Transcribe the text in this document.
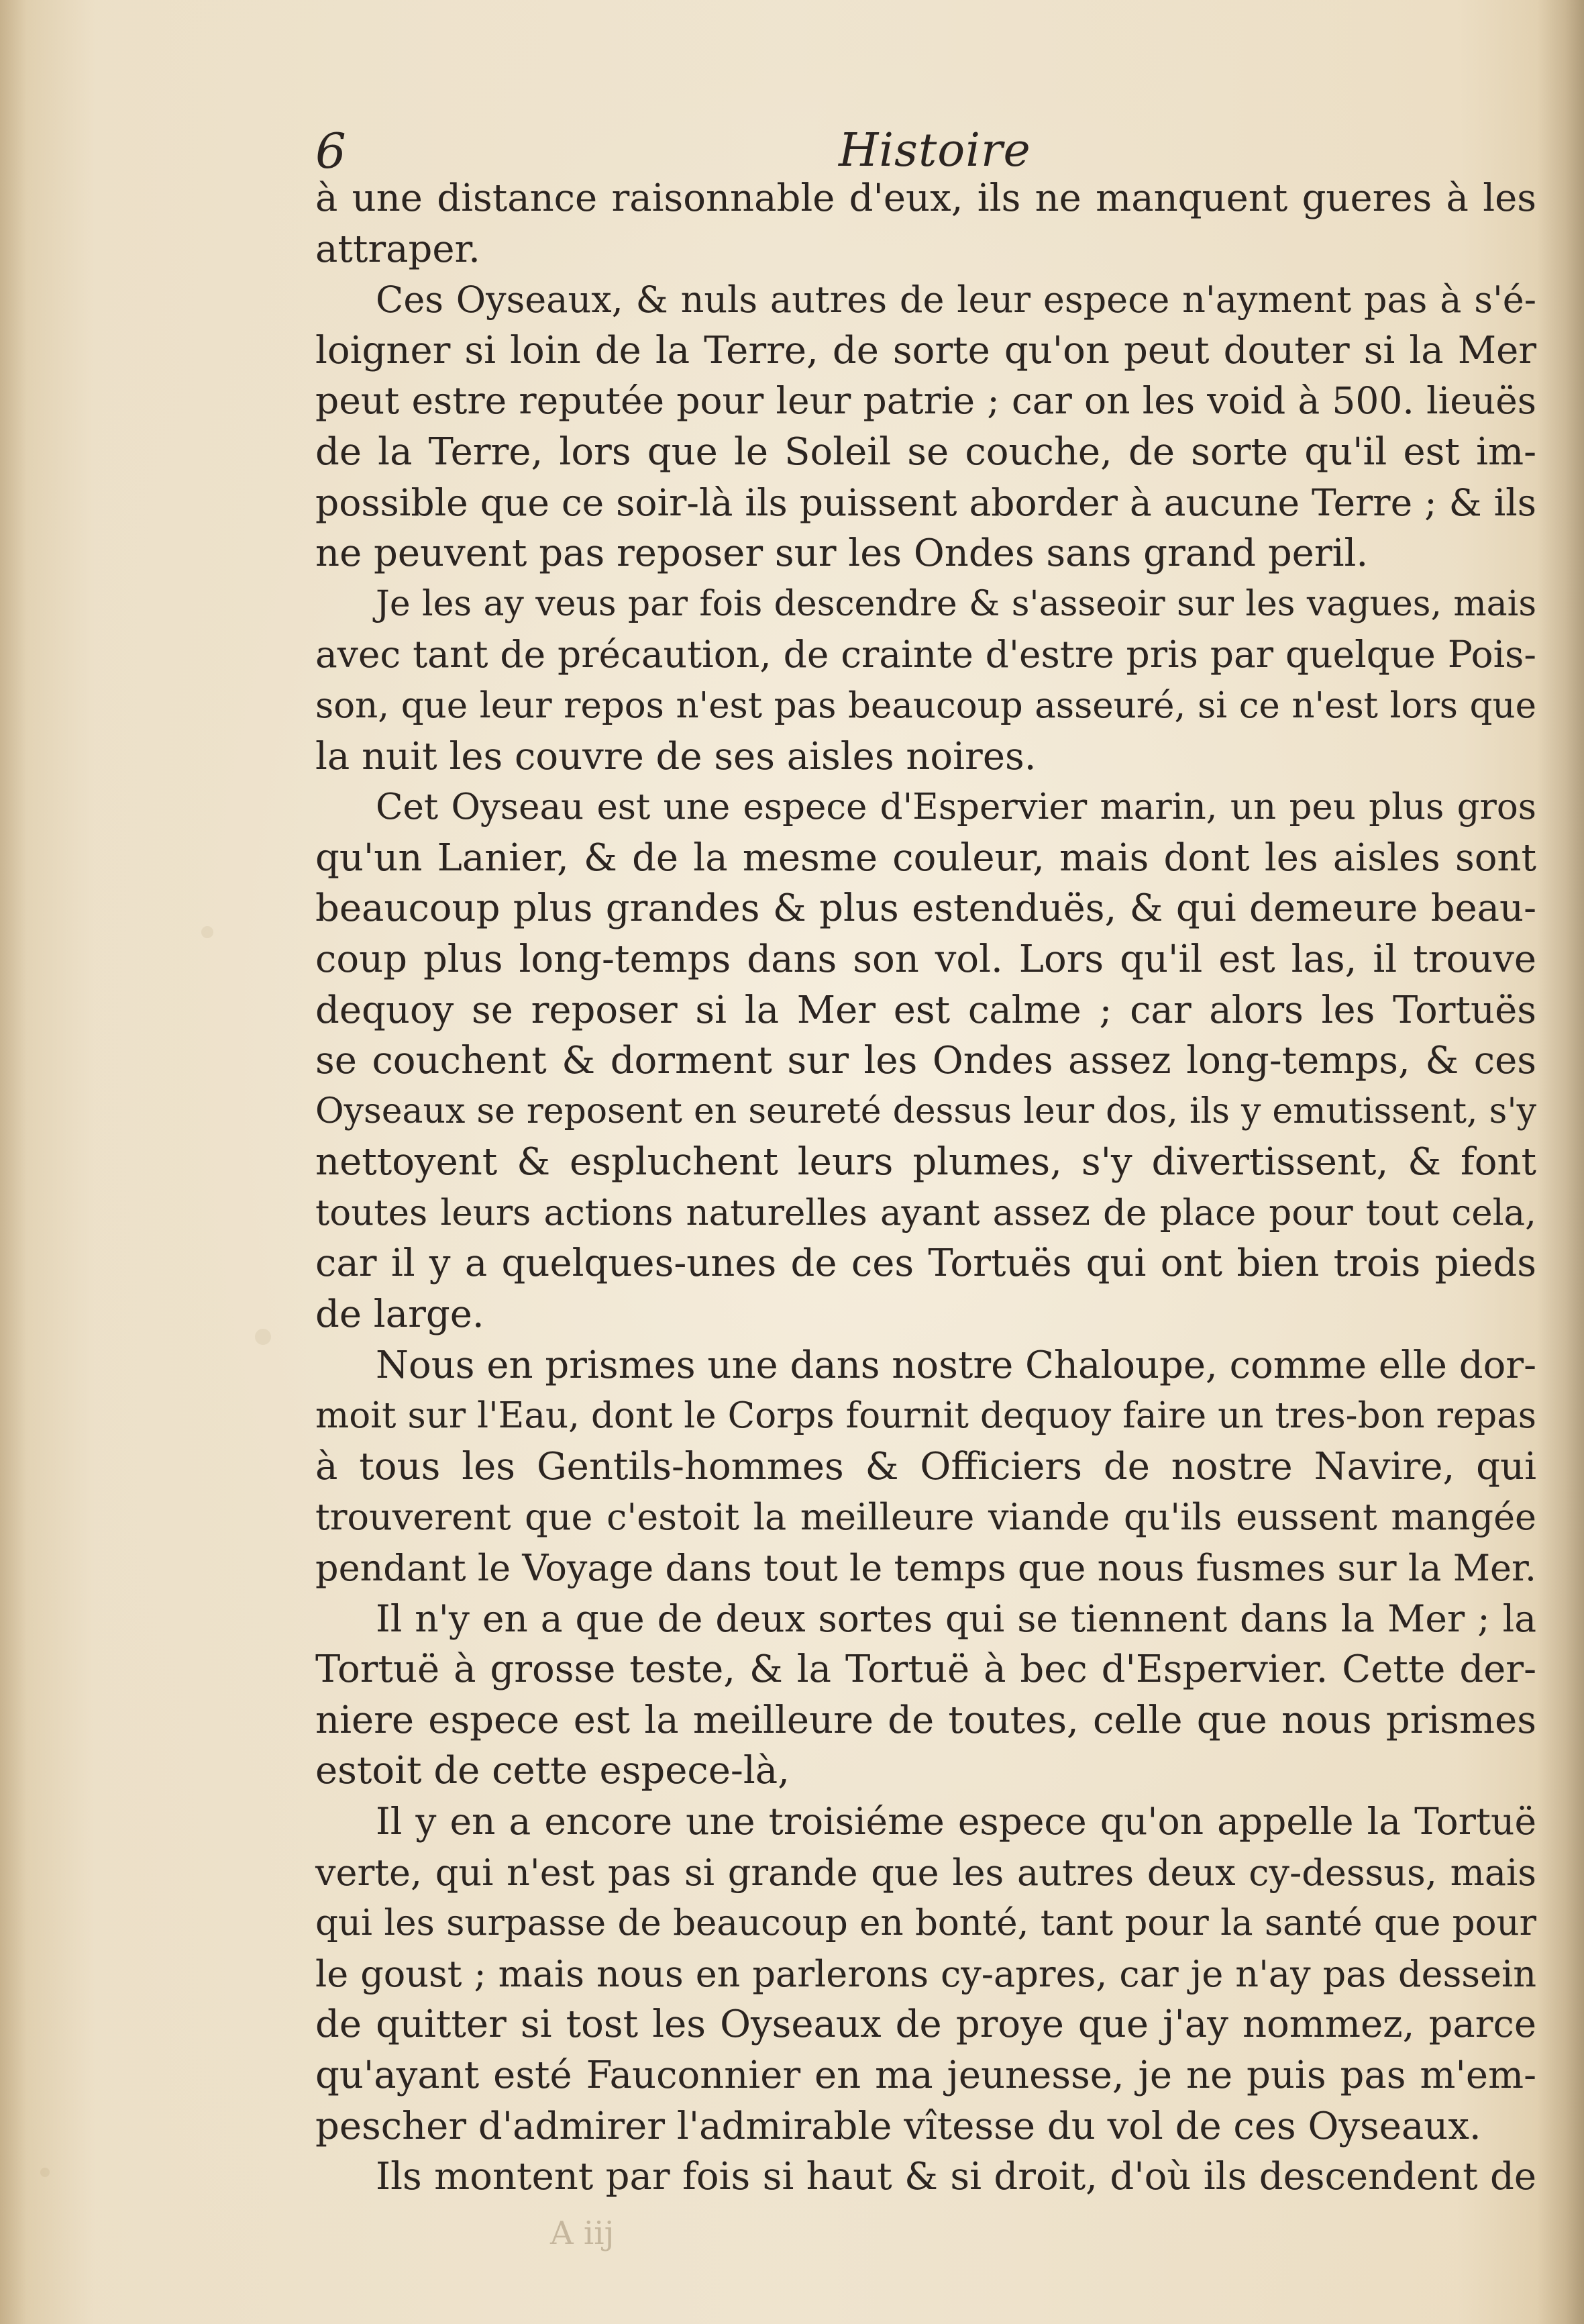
6	Histoire
à une distance raisonnable d'eux, ils ne manquent gueres à les
attraper.
Ces Oyseaux, & nuls autres de leur espece n'ayment pas à s'é-
loigner si loin de la Terre, de sorte qu'on peut douter si la Mer
peut estre reputée pour leur patrie ; car on les void à 500. lieuës
de la Terre, lors que le Soleil se couche, de sorte qu'il est im-
possible que ce soir-là ils puissent aborder à aucune Terre ; & ils
ne peuvent pas reposer sur les Ondes sans grand peril.
Je les ay veus par fois descendre & s'asseoir sur les vagues, mais
avec tant de précaution, de crainte d'estre pris par quelque Pois-
son, que leur repos n'est pas beaucoup asseuré, si ce n'est lors que
la nuit les couvre de ses aisles noires.
Cet Oyseau est une espece d'Espervier marin, un peu plus gros
qu'un Lanier, & de la mesme couleur, mais dont les aisles sont
beaucoup plus grandes & plus estenduës, & qui demeure beau-
coup plus long-temps dans son vol. Lors qu'il est las, il trouve
dequoy se reposer si la Mer est calme ; car alors les Tortuës
se couchent & dorment sur les Ondes assez long-temps, & ces
Oyseaux se reposent en seureté dessus leur dos, ils y emutissent, s'y
nettoyent & espluchent leurs plumes, s'y divertissent, & font
toutes leurs actions naturelles ayant assez de place pour tout cela,
car il y a quelques-unes de ces Tortuës qui ont bien trois pieds
de large.
Nous en prismes une dans nostre Chaloupe, comme elle dor-
moit sur l'Eau, dont le Corps fournit dequoy faire un tres-bon repas
à tous les Gentils-hommes & Officiers de nostre Navire, qui
trouverent que c'estoit la meilleure viande qu'ils eussent mangée
pendant le Voyage dans tout le temps que nous fusmes sur la Mer.
Il n'y en a que de deux sortes qui se tiennent dans la Mer ; la
Tortuë à grosse teste, & la Tortuë à bec d'Espervier. Cette der-
niere espece est la meilleure de toutes, celle que nous prismes
estoit de cette espece-là,
Il y en a encore une troisiéme espece qu'on appelle la Tortuë
verte, qui n'est pas si grande que les autres deux cy-dessus, mais
qui les surpasse de beaucoup en bonté, tant pour la santé que pour
le goust ; mais nous en parlerons cy-apres, car je n'ay pas dessein
de quitter si tost les Oyseaux de proye que j'ay nommez, parce
qu'ayant esté Fauconnier en ma jeunesse, je ne puis pas m'em-
pescher d'admirer l'admirable vîtesse du vol de ces Oyseaux.
Ils montent par fois si haut & si droit, d'où ils descendent de
A iij
